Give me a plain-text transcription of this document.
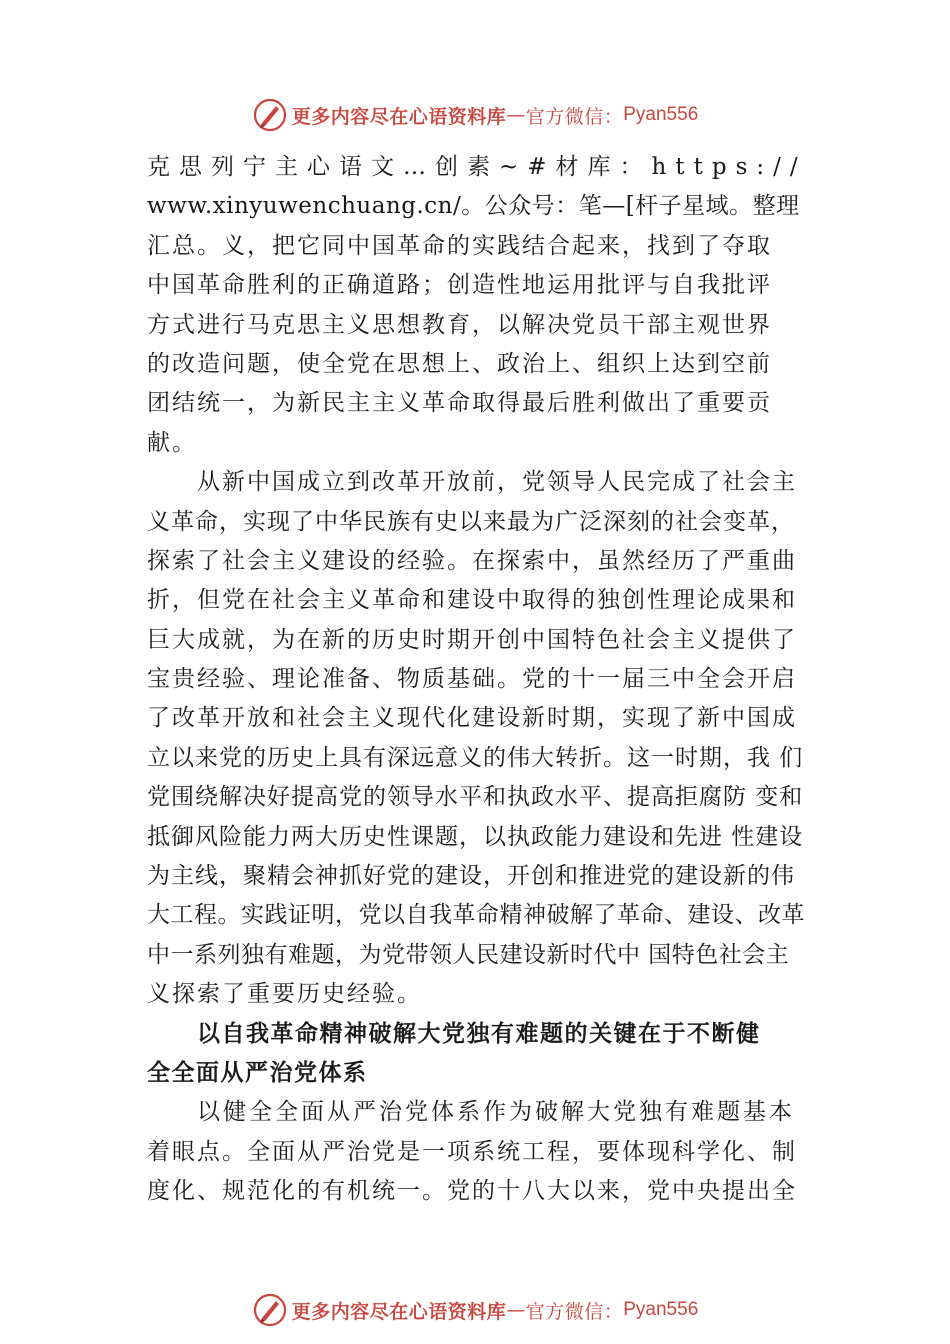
更多内容尽在心语资料库 — 官方微信： Pyan556
克思列宁主心语文…创素~#材库：https://
www.xinyuwenchuang.cn/。公众号：笔—[杆子星域。整理
汇总。义，把它同中国革命的实践结合起来，找到了夺取
中国革命胜利的正确道路；创造性地运用批评与自我批评
方式进行马克思主义思想教育，以解决党员干部主观世界
的改造问题，使全党在思想上、政治上、组织上达到空前
团结统一，为新民主主义革命取得最后胜利做出了重要贡
献。
从新中国成立到改革开放前，党领导人民完成了社会主
义革命，实现了中华民族有史以来最为广泛深刻的社会变革，
探索了社会主义建设的经验。在探索中，虽然经历了严重曲
折，但党在社会主义革命和建设中取得的独创性理论成果和
巨大成就，为在新的历史时期开创中国特色社会主义提供了
宝贵经验、理论准备、物质基础。党的十一届三中全会开启
了改革开放和社会主义现代化建设新时期，实现了新中国成
立以来党的历史上具有深远意义的伟大转折。这一时期，我 们
党围绕解决好提高党的领导水平和执政水平、提高拒腐防 变和
抵御风险能力两大历史性课题，以执政能力建设和先进 性建设
为主线，聚精会神抓好党的建设，开创和推进党的建设新的伟
大工程。实践证明，党以自我革命精神破解了革命、建设、改革
中一系列独有难题，为党带领人民建设新时代中 国特色社会主
义探索了重要历史经验。
以自我革命精神破解大党独有难题的关键在于不断健
全全面从严治党体系
以健全全面从严治党体系作为破解大党独有难题基本
着眼点。全面从严治党是一项系统工程，要体现科学化、制
度化、规范化的有机统一。党的十八大以来，党中央提出全
更多内容尽在心语资料库 — 官方微信： Pyan556
